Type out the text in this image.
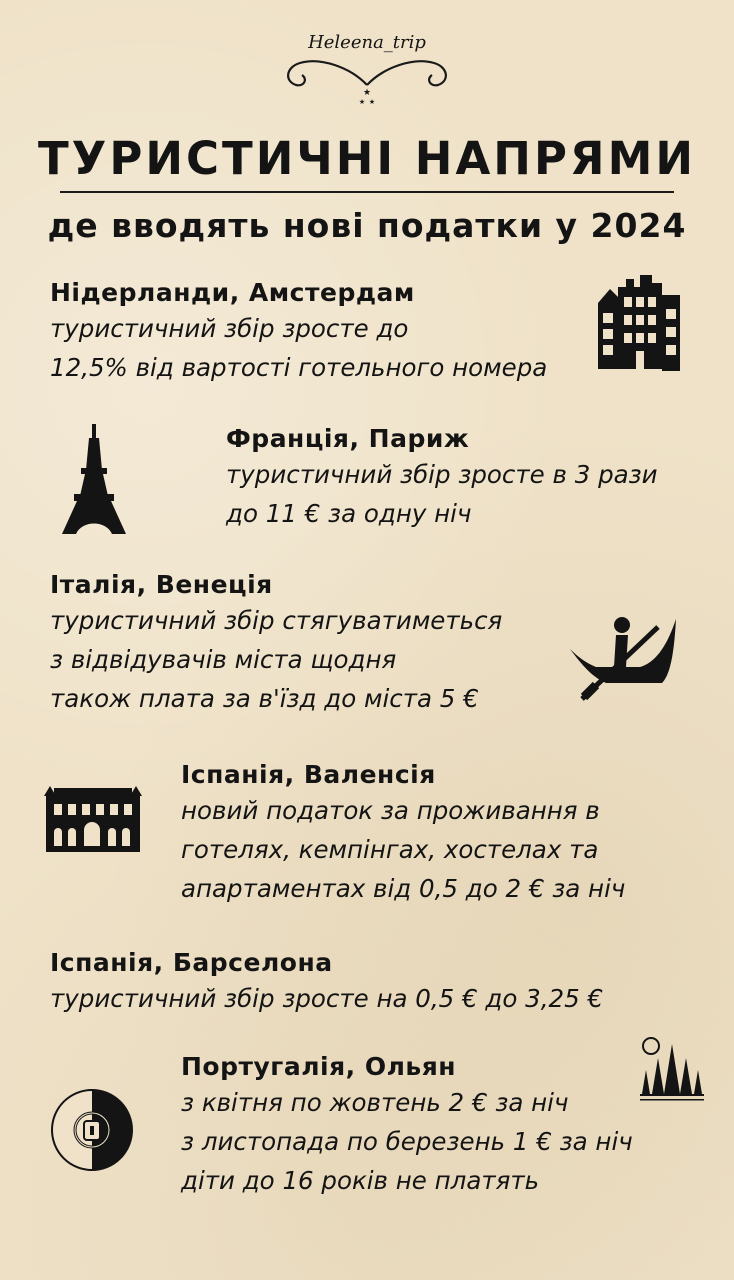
Heleena_trip
★
★ ★
ТУРИСТИЧНІ НАПРЯМИ
де вводять нові податки у 2024
Нідерланди, Амстердам
туристичний збір зросте до
12,5% від вартості готельного номера
Франція, Париж
туристичний збір зросте в 3 рази
до 11 € за одну ніч
Італія, Венеція
туристичний збір стягуватиметься
з відвідувачів міста щодня
також плата за в'їзд до міста 5 €
Іспанія, Валенсія
новий податок за проживання в
готелях, кемпінгах, хостелах та
апартаментах від 0,5 до 2 € за ніч
Іспанія, Барселона
туристичний збір зросте на 0,5 € до 3,25 €
Португалія, Ольян
з квітня по жовтень 2 € за ніч
з листопада по березень 1 € за ніч
діти до 16 років не платять
